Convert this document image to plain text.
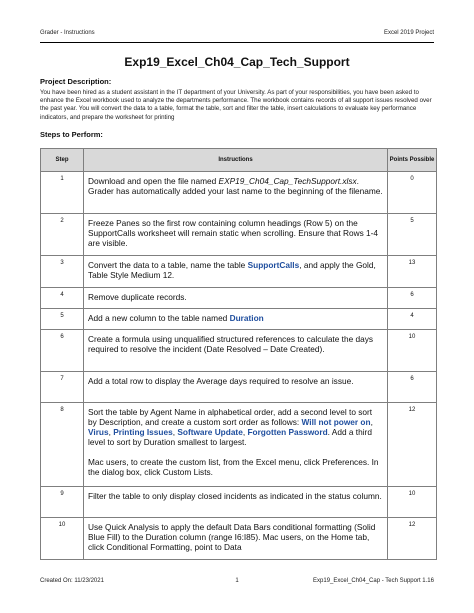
Grader - Instructions	Excel 2019 Project
Exp19_Excel_Ch04_Cap_Tech_Support
Project Description:
You have been hired as a student assistant in the IT department of your University. As part of your responsibilities, you have been asked to enhance the Excel workbook used to analyze the departments performance. The workbook contains records of all support issues resolved over the past year. You will convert the data to a table, format the table, sort and filter the table, insert calculations to evaluate key performance indicators, and prepare the worksheet for printing
Steps to Perform:
Step	Instructions	Points Possible
1	Download and open the file named EXP19_Ch04_Cap_TechSupport.xlsx. Grader has automatically added your last name to the beginning of the filename.	0
2	Freeze Panes so the first row containing column headings (Row 5) on the SupportCalls worksheet will remain static when scrolling. Ensure that Rows 1-4 are visible.	5
3	Convert the data to a table, name the table SupportCalls, and apply the Gold, Table Style Medium 12.	13
4	Remove duplicate records.	6
5	Add a new column to the table named Duration	4
6	Create a formula using unqualified structured references to calculate the days required to resolve the incident (Date Resolved – Date Created).	10
7	Add a total row to display the Average days required to resolve an issue.	6
8	Sort the table by Agent Name in alphabetical order, add a second level to sort by Description, and create a custom sort order as follows: Will not power on, Virus, Printing Issues, Software Update, Forgotten Password. Add a third level to sort by Duration smallest to largest.

Mac users, to create the custom list, from the Excel menu, click Preferences. In the dialog box, click Custom Lists.	12
9	Filter the table to only display closed incidents as indicated in the status column.	10
10	Use Quick Analysis to apply the default Data Bars conditional formatting (Solid Blue Fill) to the Duration column (range I6:I85). Mac users, on the Home tab, click Conditional Formatting, point to Data	12
Created On: 11/23/2021	1	Exp19_Excel_Ch04_Cap - Tech Support 1.16
